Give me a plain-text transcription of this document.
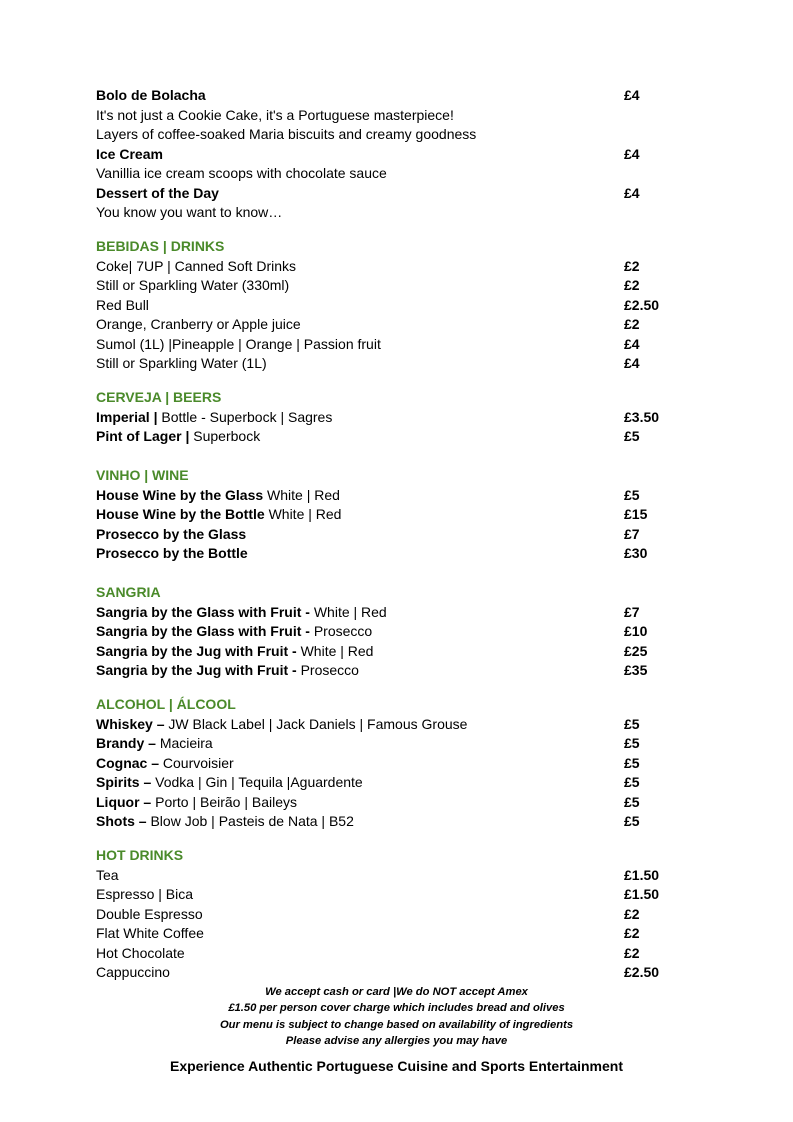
Bolo de Bolacha	£4
It's not just a Cookie Cake, it's a Portuguese masterpiece!
Layers of coffee-soaked Maria biscuits and creamy goodness
Ice Cream	£4
Vanillia ice cream scoops with chocolate sauce
Dessert of the Day	£4
You know you want to know…
BEBIDAS | DRINKS
Coke| 7UP | Canned Soft Drinks	£2
Still or Sparkling Water (330ml)	£2
Red Bull	£2.50
Orange, Cranberry or Apple juice	£2
Sumol (1L) |Pineapple | Orange | Passion fruit	£4
Still or Sparkling Water (1L)	£4
CERVEJA | BEERS
Imperial | Bottle - Superbock | Sagres	£3.50
Pint of Lager | Superbock	£5
VINHO | WINE
House Wine by the Glass White | Red	£5
House Wine by the Bottle White | Red	£15
Prosecco by the Glass	£7
Prosecco by the Bottle	£30
SANGRIA
Sangria by the Glass with Fruit - White | Red	£7
Sangria by the Glass with Fruit - Prosecco	£10
Sangria by the Jug with Fruit - White | Red	£25
Sangria by the Jug with Fruit - Prosecco	£35
ALCOHOL | ÁLCOOL
Whiskey – JW Black Label | Jack Daniels | Famous Grouse	£5
Brandy – Macieira	£5
Cognac – Courvoisier	£5
Spirits – Vodka | Gin | Tequila |Aguardente	£5
Liquor – Porto | Beirão | Baileys	£5
Shots – Blow Job | Pasteis de Nata | B52	£5
HOT DRINKS
Tea	£1.50
Espresso | Bica	£1.50
Double Espresso	£2
Flat White Coffee	£2
Hot Chocolate	£2
Cappuccino	£2.50
We accept cash or card |We do NOT accept Amex
£1.50 per person cover charge which includes bread and olives
Our menu is subject to change based on availability of ingredients
Please advise any allergies you may have
Experience Authentic Portuguese Cuisine and Sports Entertainment
